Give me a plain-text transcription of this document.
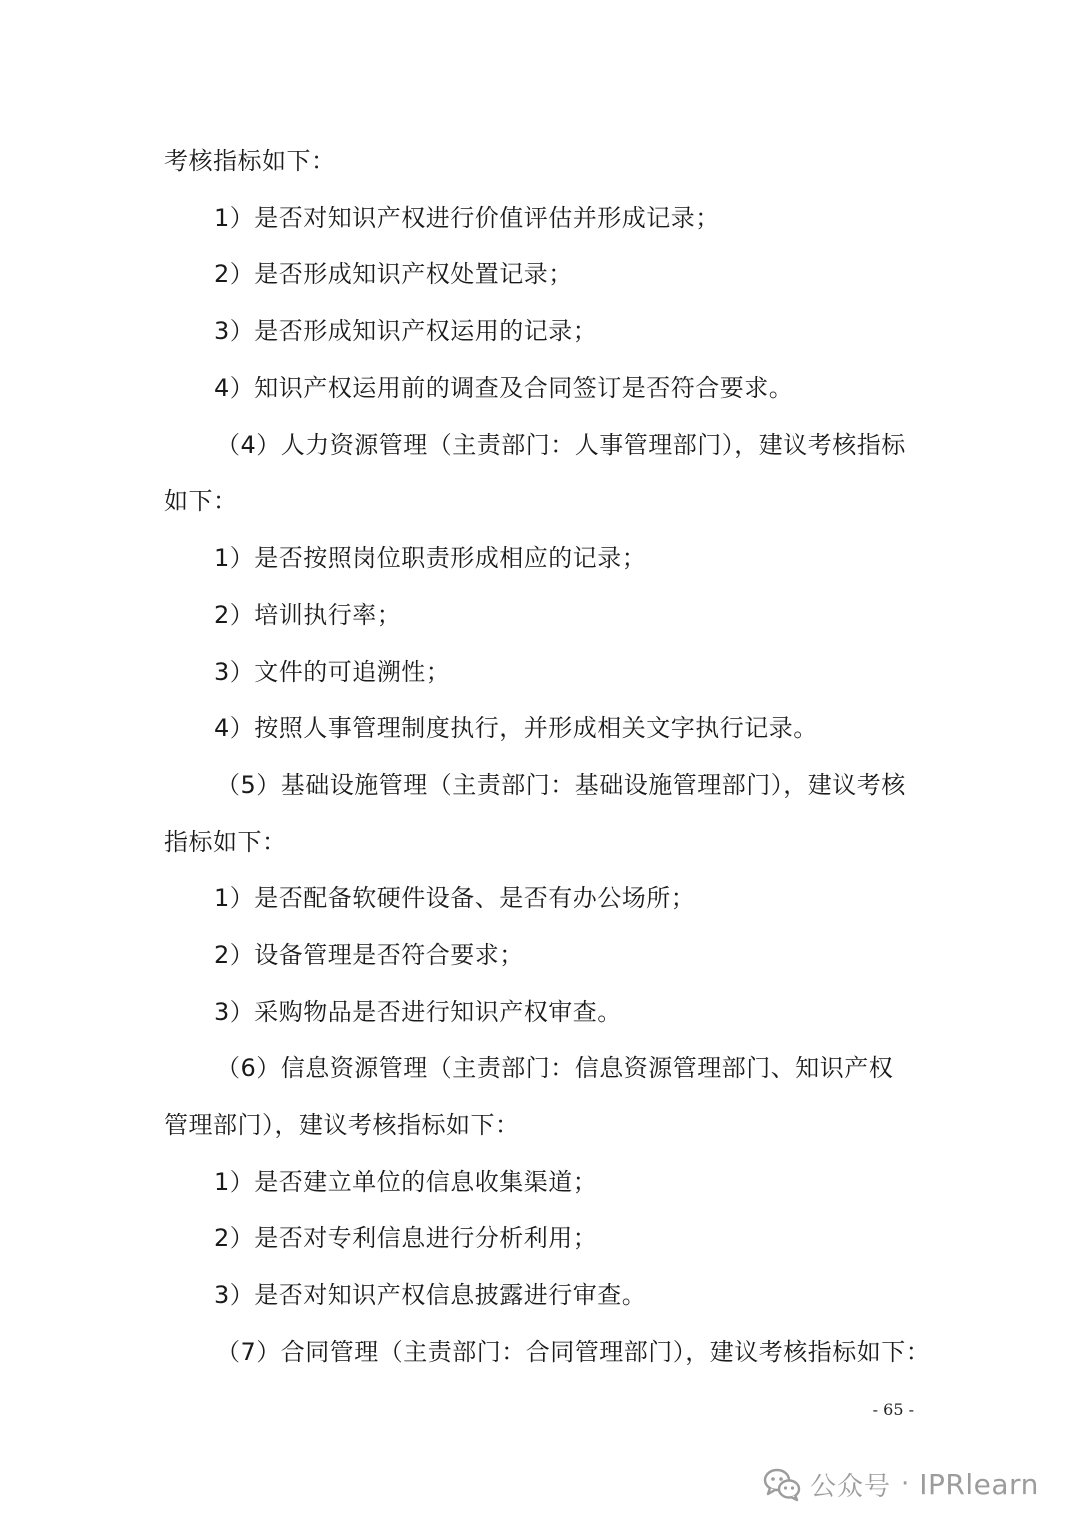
考核指标如下：
1）是否对知识产权进行价值评估并形成记录；
2）是否形成知识产权处置记录；
3）是否形成知识产权运用的记录；
4）知识产权运用前的调查及合同签订是否符合要求。
（4）人力资源管理（主责部门：人事管理部门），建议考核指标
如下：
1）是否按照岗位职责形成相应的记录；
2）培训执行率；
3）文件的可追溯性；
4）按照人事管理制度执行，并形成相关文字执行记录。
（5）基础设施管理（主责部门：基础设施管理部门），建议考核
指标如下：
1）是否配备软硬件设备、是否有办公场所；
2）设备管理是否符合要求；
3）采购物品是否进行知识产权审查。
（6）信息资源管理（主责部门：信息资源管理部门、知识产权
管理部门），建议考核指标如下：
1）是否建立单位的信息收集渠道；
2）是否对专利信息进行分析利用；
3）是否对知识产权信息披露进行审查。
（7）合同管理（主责部门：合同管理部门），建议考核指标如下：
- 65 -
公众号 · IPRlearn
